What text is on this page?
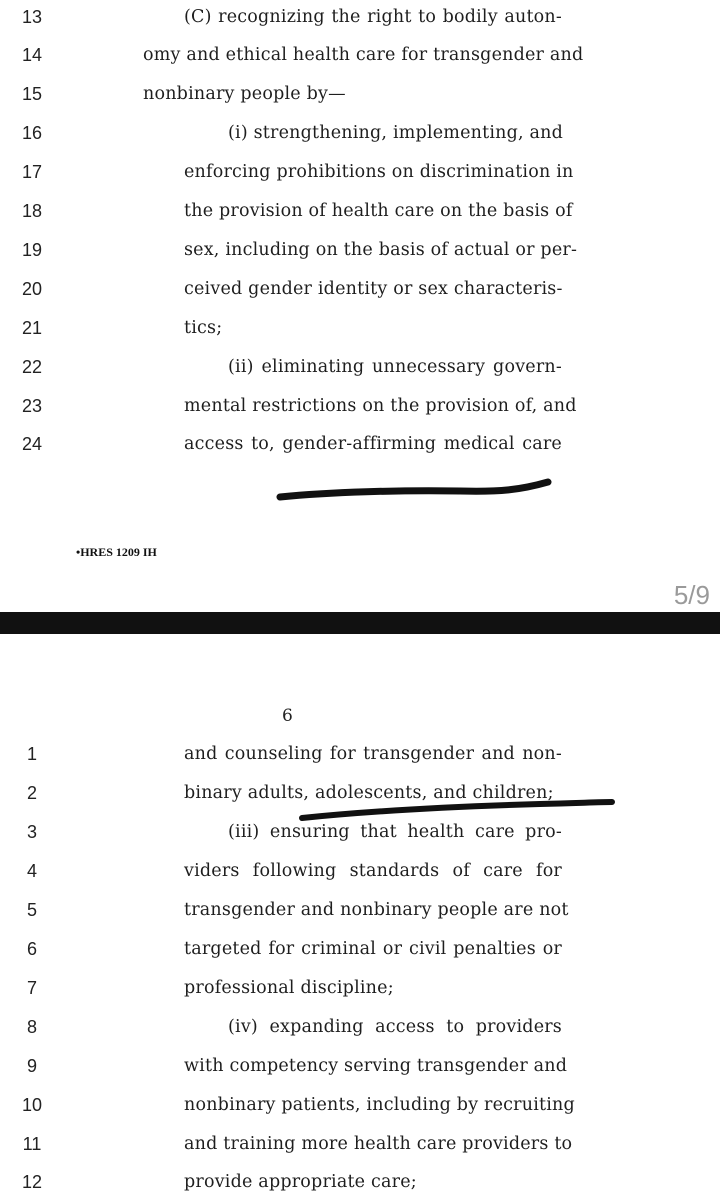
13	(C) recognizing the right to bodily auton-
14	omy and ethical health care for transgender and
15	nonbinary people by—
16	(i) strengthening, implementing, and
17	enforcing prohibitions on discrimination in
18	the provision of health care on the basis of
19	sex, including on the basis of actual or per-
20	ceived gender identity or sex characteris-
21	tics;
22	(ii) eliminating unnecessary govern-
23	mental restrictions on the provision of, and
24	access to, gender-affirming medical care
•HRES 1209 IH
5/9
6
1	and counseling for transgender and non-
2	binary adults, adolescents, and children;
3	(iii) ensuring that health care pro-
4	viders following standards of care for
5	transgender and nonbinary people are not
6	targeted for criminal or civil penalties or
7	professional discipline;
8	(iv) expanding access to providers
9	with competency serving transgender and
10	nonbinary patients, including by recruiting
11	and training more health care providers to
12	provide appropriate care;
